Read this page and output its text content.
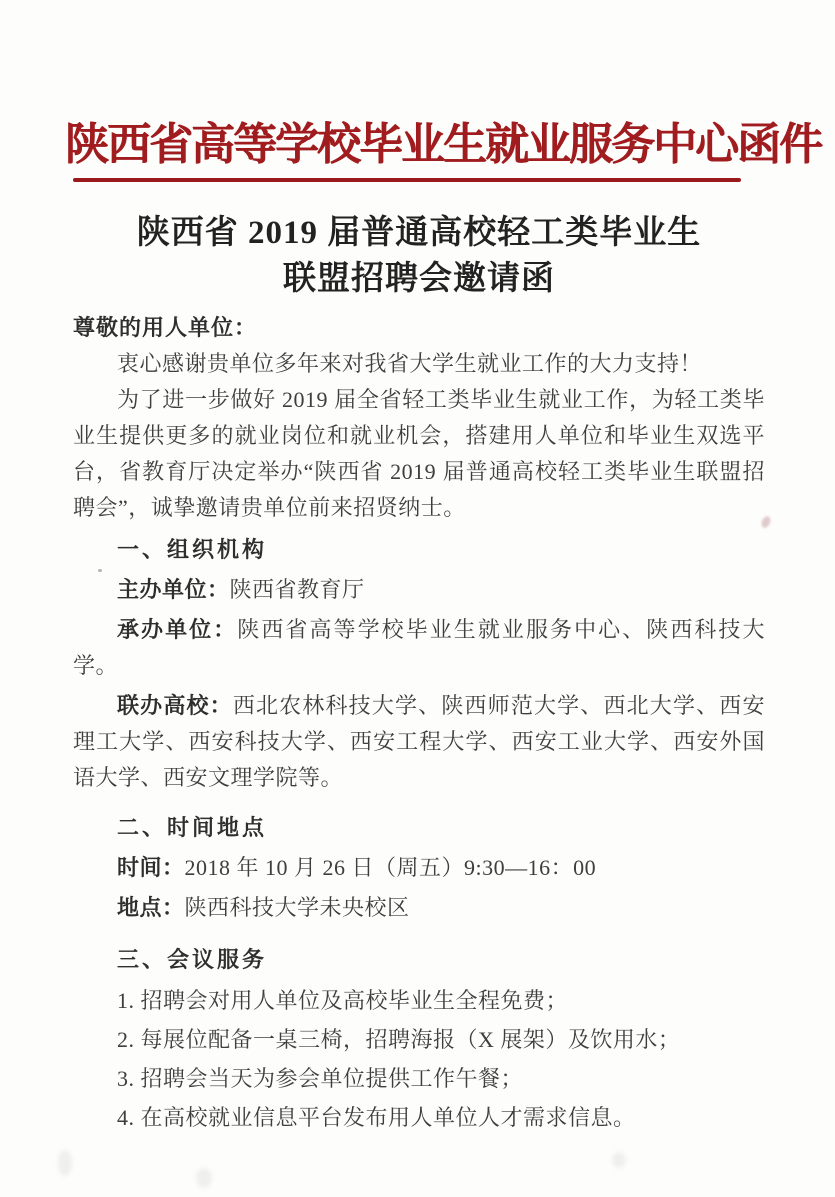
陕西省高等学校毕业生就业服务中心函件
陕西省 2019 届普通高校轻工类毕业生
联盟招聘会邀请函

尊敬的用人单位：

衷心感谢贵单位多年来对我省大学生就业工作的大力支持！

为了进一步做好 2019 届全省轻工类毕业生就业工作，为轻工类毕业生提供更多的就业岗位和就业机会，搭建用人单位和毕业生双选平台，省教育厅决定举办“陕西省 2019 届普通高校轻工类毕业生联盟招聘会”，诚挚邀请贵单位前来招贤纳士。

一、组织机构

主办单位：陕西省教育厅

承办单位：陕西省高等学校毕业生就业服务中心、陕西科技大学。

联办高校：西北农林科技大学、陕西师范大学、西北大学、西安理工大学、西安科技大学、西安工程大学、西安工业大学、西安外国语大学、西安文理学院等。

二、时间地点

时间：2018 年 10 月 26 日（周五）9:30—16：00

地点：陕西科技大学未央校区

三、会议服务

1. 招聘会对用人单位及高校毕业生全程免费；

2. 每展位配备一桌三椅，招聘海报（X 展架）及饮用水；

3. 招聘会当天为参会单位提供工作午餐；

4. 在高校就业信息平台发布用人单位人才需求信息。
